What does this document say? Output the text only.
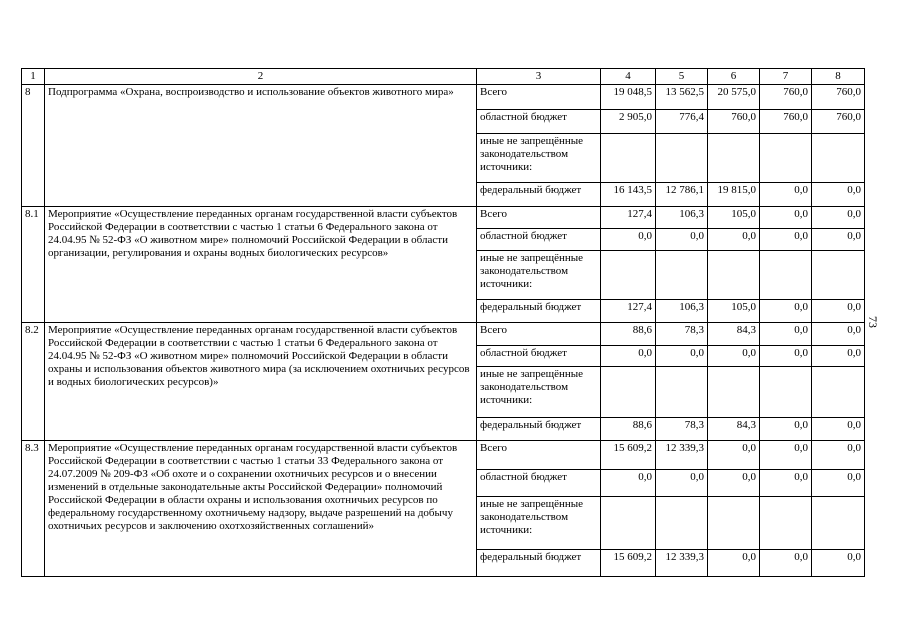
1	2	3	4	5	6	7	8
8	Подпрограмма «Охрана, воспроизводство и использование объектов животного мира»	Всего	19 048,5	13 562,5	20 575,0	760,0	760,0
		областной бюджет	2 905,0	776,4	760,0	760,0	760,0
		иные не запрещённые законодательством источники:					
		федеральный бюджет	16 143,5	12 786,1	19 815,0	0,0	0,0
8.1	Мероприятие «Осуществление переданных органам государственной власти субъектов Российской Федерации в соответствии с частью 1 статьи 6 Федерального закона от 24.04.95 № 52-ФЗ «О животном мире» полномочий Российской Федерации в области организации, регулирования и охраны водных биологических ресурсов»	Всего	127,4	106,3	105,0	0,0	0,0
		областной бюджет	0,0	0,0	0,0	0,0	0,0
		иные не запрещённые законодательством источники:					
		федеральный бюджет	127,4	106,3	105,0	0,0	0,0
8.2	Мероприятие «Осуществление переданных органам государственной власти субъектов Российской Федерации в соответствии с частью 1 статьи 6 Федерального закона от 24.04.95 № 52-ФЗ «О животном мире» полномочий Российской Федерации в области охраны и использования объектов животного мира (за исключением охотничьих ресурсов и водных биологических ресурсов)»	Всего	88,6	78,3	84,3	0,0	0,0
		областной бюджет	0,0	0,0	0,0	0,0	0,0
		иные не запрещённые законодательством источники:					
		федеральный бюджет	88,6	78,3	84,3	0,0	0,0
8.3	Мероприятие «Осуществление переданных органам государственной власти субъектов Российской Федерации в соответствии с частью 1 статьи 33 Федерального закона от 24.07.2009 № 209-ФЗ «Об охоте и о сохранении охотничьих ресурсов и о внесении изменений в отдельные законодательные акты Российской Федерации» полномочий Российской Федерации в области охраны и использования охотничьих ресурсов по федеральному государственному охотничьему надзору, выдаче разрешений на добычу охотничьих ресурсов и заключению охотхозяйственных соглашений»	Всего	15 609,2	12 339,3	0,0	0,0	0,0
		областной бюджет	0,0	0,0	0,0	0,0	0,0
		иные не запрещённые законодательством источники:					
		федеральный бюджет	15 609,2	12 339,3	0,0	0,0	0,0
73
